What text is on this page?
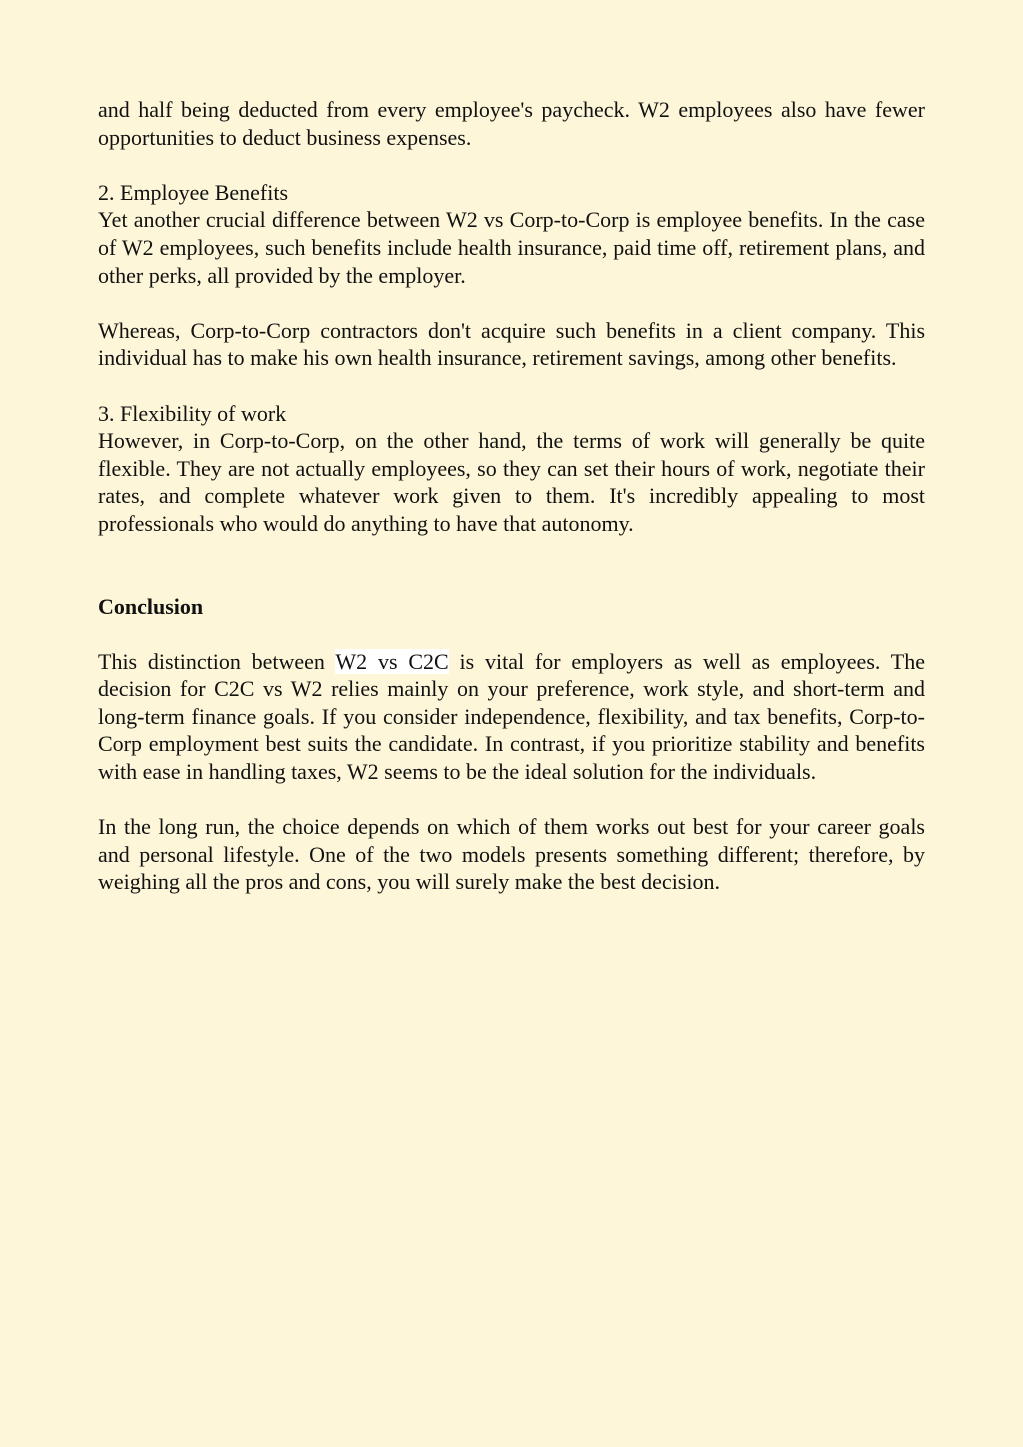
and half being deducted from every employee's paycheck. W2 employees also have fewer opportunities to deduct business expenses.

2. Employee Benefits

Yet another crucial difference between W2 vs Corp-to-Corp is employee benefits. In the case of W2 employees, such benefits include health insurance, paid time off, retirement plans, and other perks, all provided by the employer.

Whereas, Corp-to-Corp contractors don't acquire such benefits in a client company. This individual has to make his own health insurance, retirement savings, among other benefits.

3. Flexibility of work

However, in Corp-to-Corp, on the other hand, the terms of work will generally be quite flexible. They are not actually employees, so they can set their hours of work, negotiate their rates, and complete whatever work given to them. It's incredibly appealing to most professionals who would do anything to have that autonomy.

Conclusion

This distinction between W2 vs C2C is vital for employers as well as employees. The decision for C2C vs W2 relies mainly on your preference, work style, and short-term and long-term finance goals. If you consider independence, flexibility, and tax benefits, Corp-to-Corp employment best suits the candidate. In contrast, if you prioritize stability and benefits with ease in handling taxes, W2 seems to be the ideal solution for the individuals.

In the long run, the choice depends on which of them works out best for your career goals and personal lifestyle. One of the two models presents something different; therefore, by weighing all the pros and cons, you will surely make the best decision.
